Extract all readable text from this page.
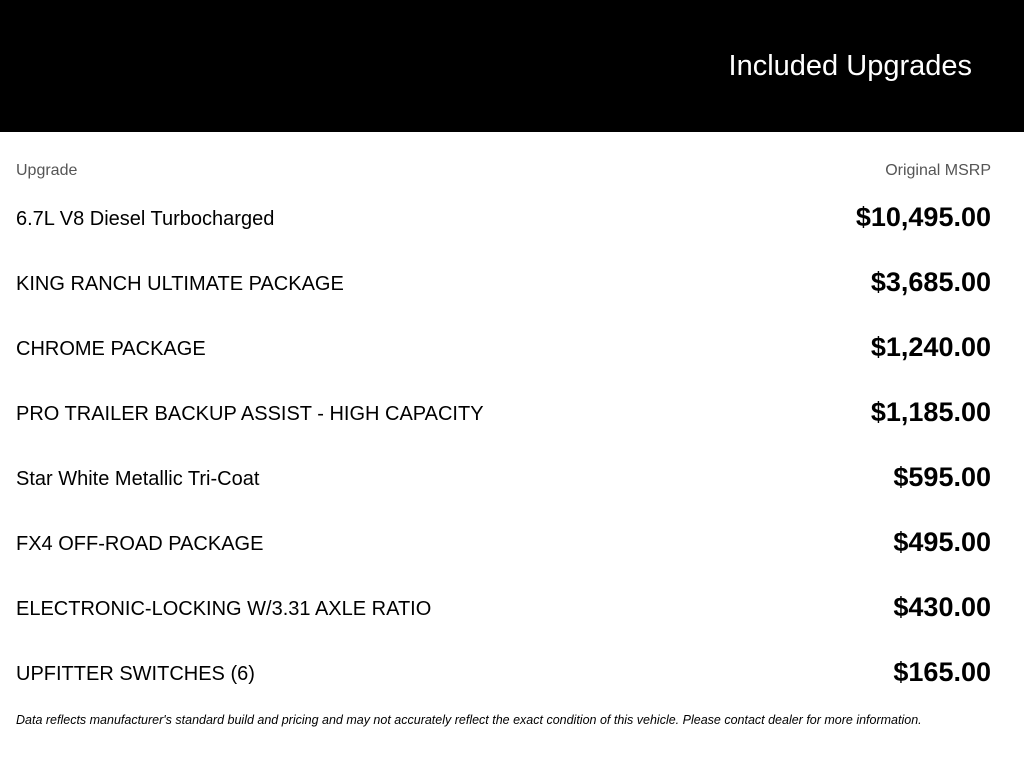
Included Upgrades
Upgrade	Original MSRP
6.7L V8 Diesel Turbocharged	$10,495.00
KING RANCH ULTIMATE PACKAGE	$3,685.00
CHROME PACKAGE	$1,240.00
PRO TRAILER BACKUP ASSIST - HIGH CAPACITY	$1,185.00
Star White Metallic Tri-Coat	$595.00
FX4 OFF-ROAD PACKAGE	$495.00
ELECTRONIC-LOCKING W/3.31 AXLE RATIO	$430.00
UPFITTER SWITCHES (6)	$165.00
Data reflects manufacturer's standard build and pricing and may not accurately reflect the exact condition of this vehicle. Please contact dealer for more information.
